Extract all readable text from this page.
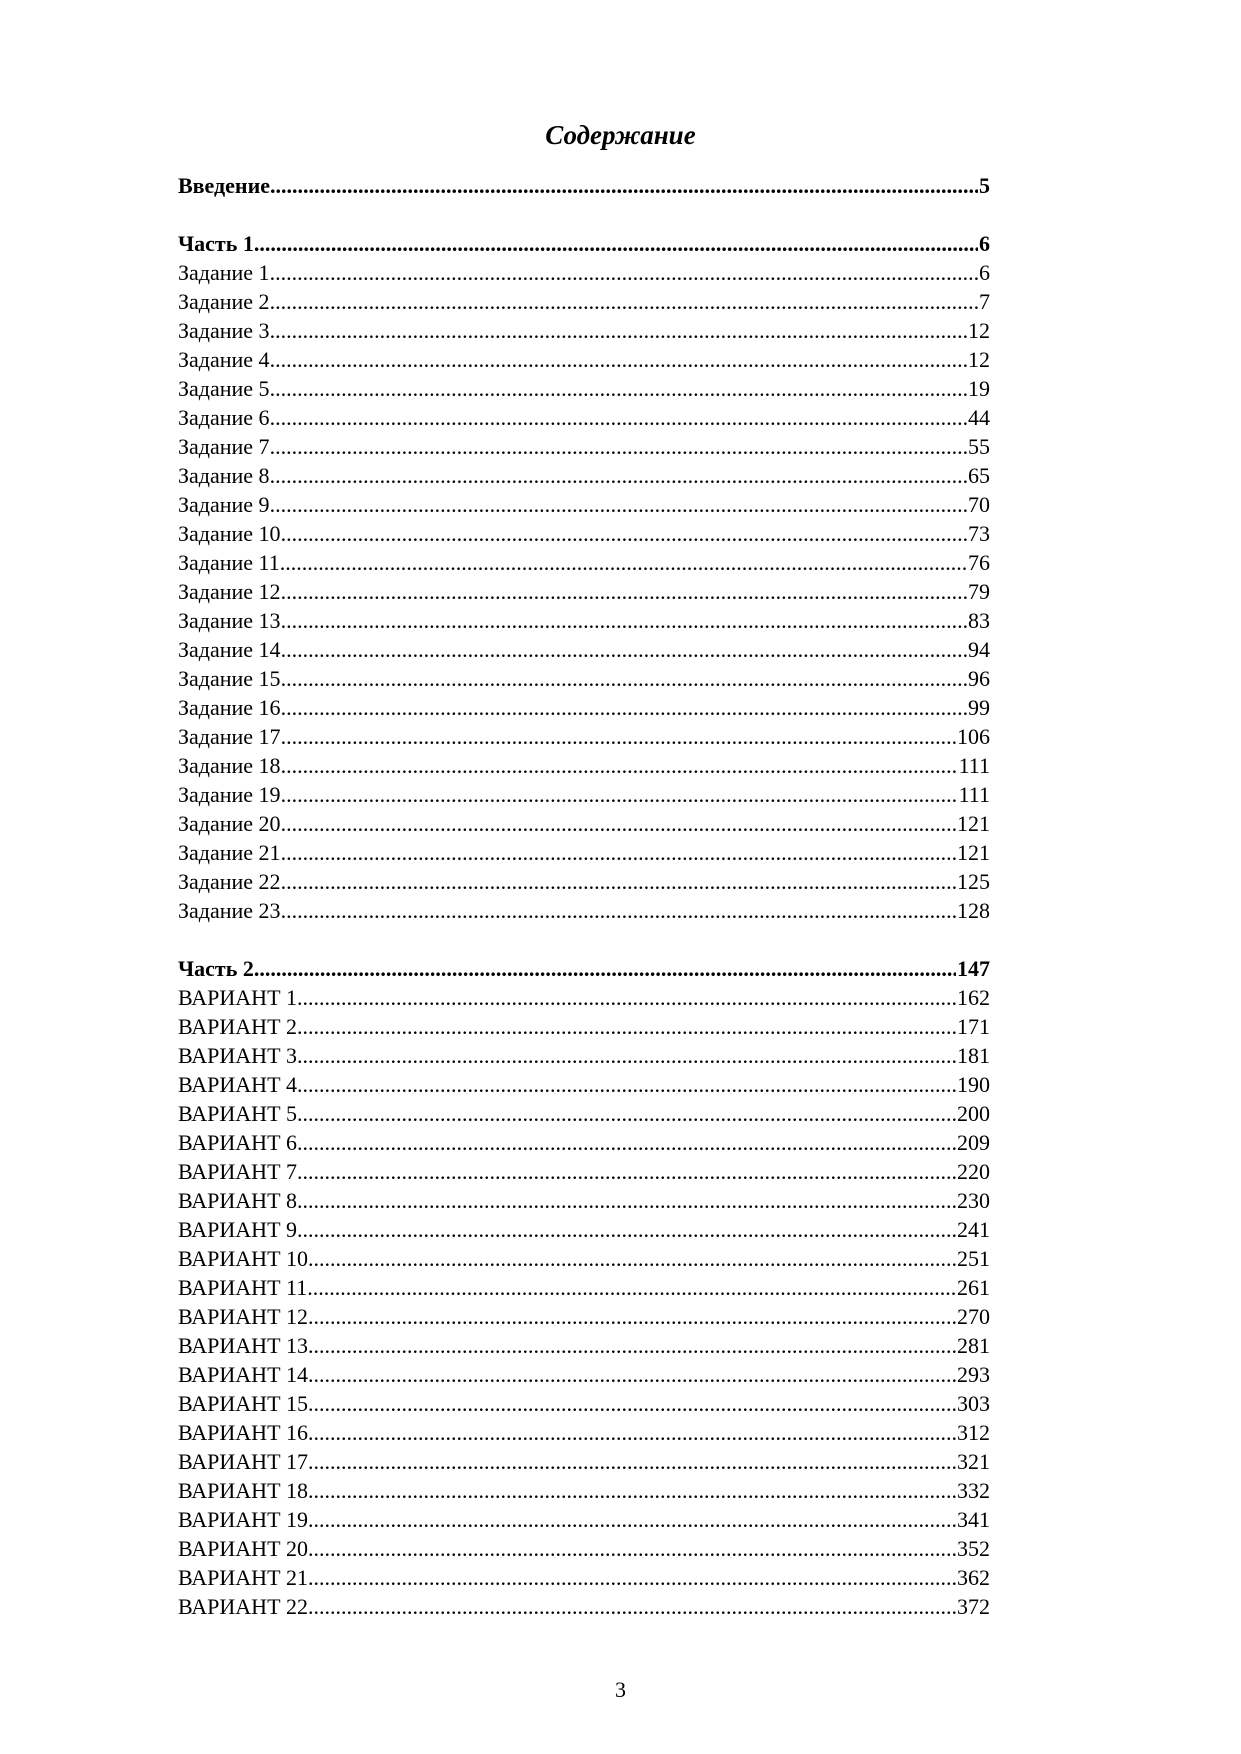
Содержание
Введение .....	5
Часть 1 .....	6
Задание 1 .....	6
Задание 2 .....	7
Задание 3 .....	12
Задание 4 .....	12
Задание 5 .....	19
Задание 6 .....	44
Задание 7 .....	55
Задание 8 .....	65
Задание 9 .....	70
Задание 10 .....	73
Задание 11 .....	76
Задание 12 .....	79
Задание 13 .....	83
Задание 14 .....	94
Задание 15 .....	96
Задание 16 .....	99
Задание 17 .....	106
Задание 18 .....	111
Задание 19 .....	111
Задание 20 .....	121
Задание 21 .....	121
Задание 22 .....	125
Задание 23 .....	128
Часть 2 .....	147
ВАРИАНТ 1 .....	162
ВАРИАНТ 2 .....	171
ВАРИАНТ 3 .....	181
ВАРИАНТ 4 .....	190
ВАРИАНТ 5 .....	200
ВАРИАНТ 6 .....	209
ВАРИАНТ 7 .....	220
ВАРИАНТ 8 .....	230
ВАРИАНТ 9 .....	241
ВАРИАНТ 10 .....	251
ВАРИАНТ 11 .....	261
ВАРИАНТ 12 .....	270
ВАРИАНТ 13 .....	281
ВАРИАНТ 14 .....	293
ВАРИАНТ 15 .....	303
ВАРИАНТ 16 .....	312
ВАРИАНТ 17 .....	321
ВАРИАНТ 18 .....	332
ВАРИАНТ 19 .....	341
ВАРИАНТ 20 .....	352
ВАРИАНТ 21 .....	362
ВАРИАНТ 22 .....	372
3
